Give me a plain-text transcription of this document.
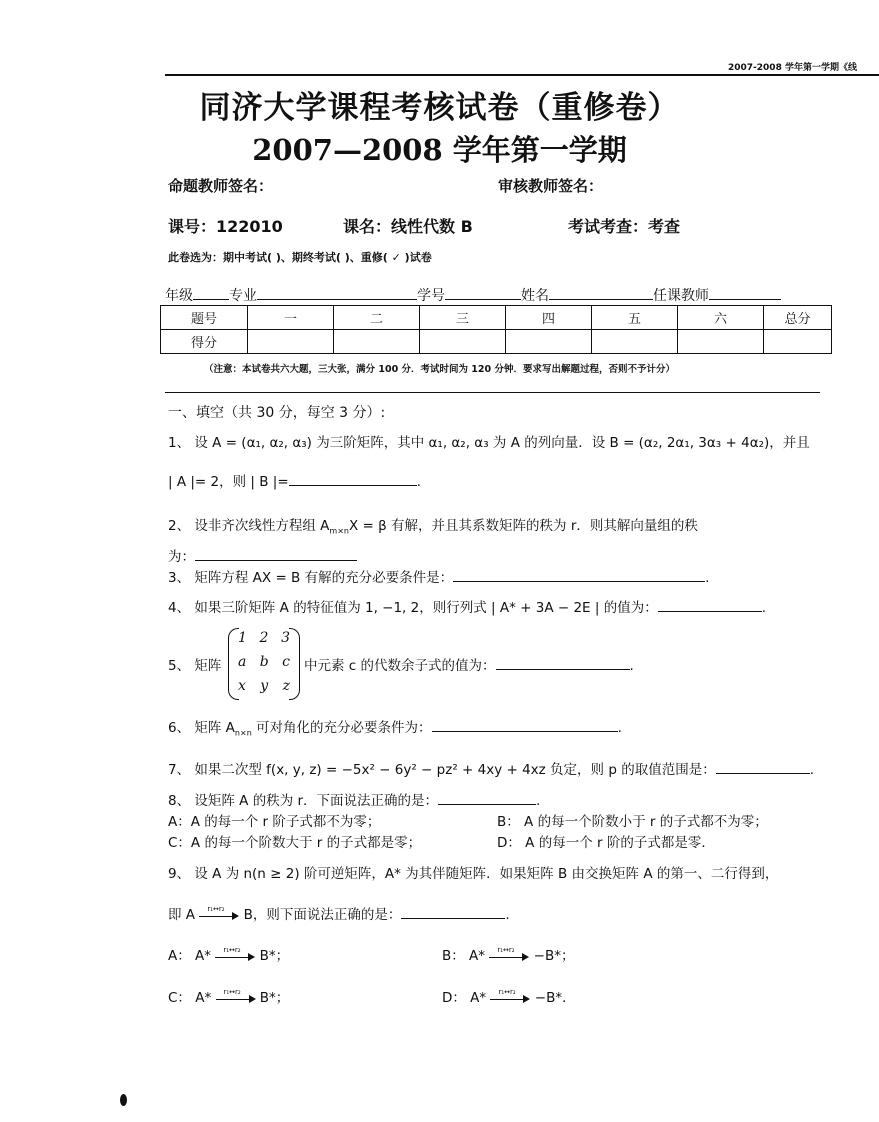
2007-2008 学年第一学期《线
同济大学课程考核试卷（重修卷）
2007—2008 学年第一学期
命题教师签名：	审核教师签名：
课号：122010	课名：线性代数 B	考试考查：考查
此卷选为：期中考试( )、期终考试( )、重修( ✓ )试卷
年级	专业	学号	姓名	任课教师
题号	一	二	三	四	五	六	总分
得分							
（注意：本试卷共六大题，三大张，满分 100 分．考试时间为 120 分钟．要求写出解题过程，否则不予计分）
一、填空（共 30 分，每空 3 分）:
1、 设 A = (α₁, α₂, α₃) 为三阶矩阵，其中 α₁, α₂, α₃ 为 A 的列向量．设 B = (α₂, 2α₁, 3α₃ + 4α₂)，并且
| A |= 2，则 | B |=	.
2、 设非齐次线性方程组 $A_{m\times n}X = \beta$ 有解，并且其系数矩阵的秩为 r．则其解向量组的秩
为：
3、 矩阵方程 AX = B 有解的充分必要条件是：	.
4、 如果三阶矩阵 A 的特征值为 1, −1, 2，则行列式 | A* + 3A − 2E | 的值为：	.
5、 矩阵
1 2 3
a b c
x y z
中元素 c 的代数余子式的值为：	.
6、 矩阵 $A_{n\times n}$ 可对角化的充分必要条件为：	.
7、 如果二次型 f(x, y, z) = −5x² − 6y² − pz² + 4xy + 4xz 负定，则 p 的取值范围是：	.
8、 设矩阵 A 的秩为 r．下面说法正确的是：	.
A：A 的每一个 r 阶子式都不为零；	B： A 的每一个阶数小于 r 的子式都不为零；
C：A 的每一个阶数大于 r 的子式都是零；	D： A 的每一个 r 阶的子式都是零．
9、 设 A 为 n(n ≥ 2) 阶可逆矩阵，A* 为其伴随矩阵．如果矩阵 B 由交换矩阵 A 的第一、二行得到，
即 A r₁↔r₂ B，则下面说法正确的是：	.
A： A* r₁↔r₂ B*；	B： A* r₁↔r₂ −B*；
C： A* r₁↔r₂ B*；	D： A* r₁↔r₂ −B*．
